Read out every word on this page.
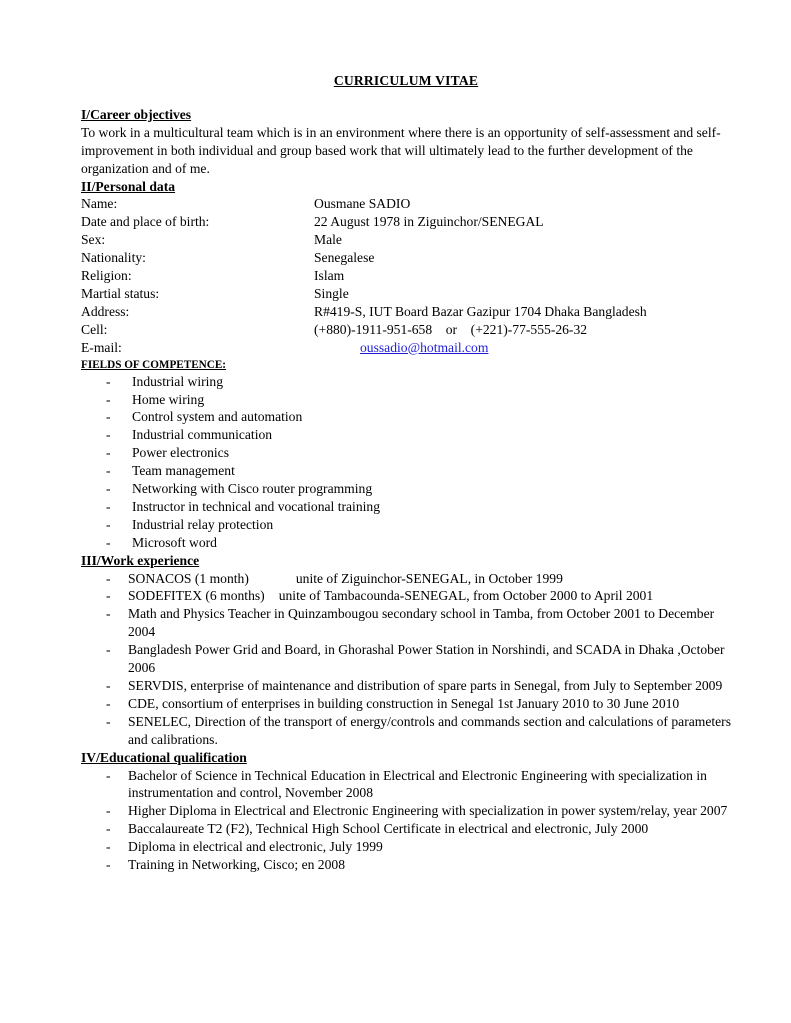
CURRICULUM VITAE
I/Career objectives

To work in a multicultural team which is in an environment where there is an opportunity of self-assessment and self-improvement in both individual and group based work that will ultimately lead to the further development of the organization and of me.

II/Personal data
Name:	Ousmane SADIO
Date and place of birth:	22 August 1978 in Ziguinchor/SENEGAL
Sex:	Male
Nationality:	Senegalese
Religion:	Islam
Martial status:	Single
Address:	R#419-S, IUT Board Bazar Gazipur 1704 Dhaka Bangladesh
Cell:	(+880)-1911-951-658    or    (+221)-77-555-26-32
E-mail:	oussadio@hotmail.com
FIELDS OF COMPETENCE:
- Industrial wiring
- Home wiring
- Control system and automation
- Industrial communication
- Power electronics
- Team management
- Networking with Cisco router programming
- Instructor in technical and vocational training
- Industrial relay protection
- Microsoft word
III/Work experience
- SONACOS (1 month)	unite of Ziguinchor-SENEGAL, in October 1999
- SODEFITEX (6 months) unite of Tambacounda-SENEGAL, from October 2000 to April 2001
- Math and Physics Teacher in Quinzambougou secondary school in Tamba, from October 2001 to December 2004
- Bangladesh Power Grid and Board, in Ghorashal Power Station in Norshindi, and SCADA in Dhaka ,October 2006
- SERVDIS, enterprise of maintenance and distribution of spare parts in Senegal, from July to September 2009
- CDE, consortium of enterprises in building construction in Senegal 1st January 2010 to 30 June 2010
- SENELEC, Direction of the transport of energy/controls and commands section and calculations of parameters and calibrations.
IV/Educational qualification
- Bachelor of Science in Technical Education in Electrical and Electronic Engineering with specialization in instrumentation and control, November 2008
- Higher Diploma in Electrical and Electronic Engineering with specialization in power system/relay, year 2007
- Baccalaureate T2 (F2), Technical High School Certificate in electrical and electronic, July 2000
- Diploma in electrical and electronic, July 1999
- Training in Networking, Cisco; en 2008
